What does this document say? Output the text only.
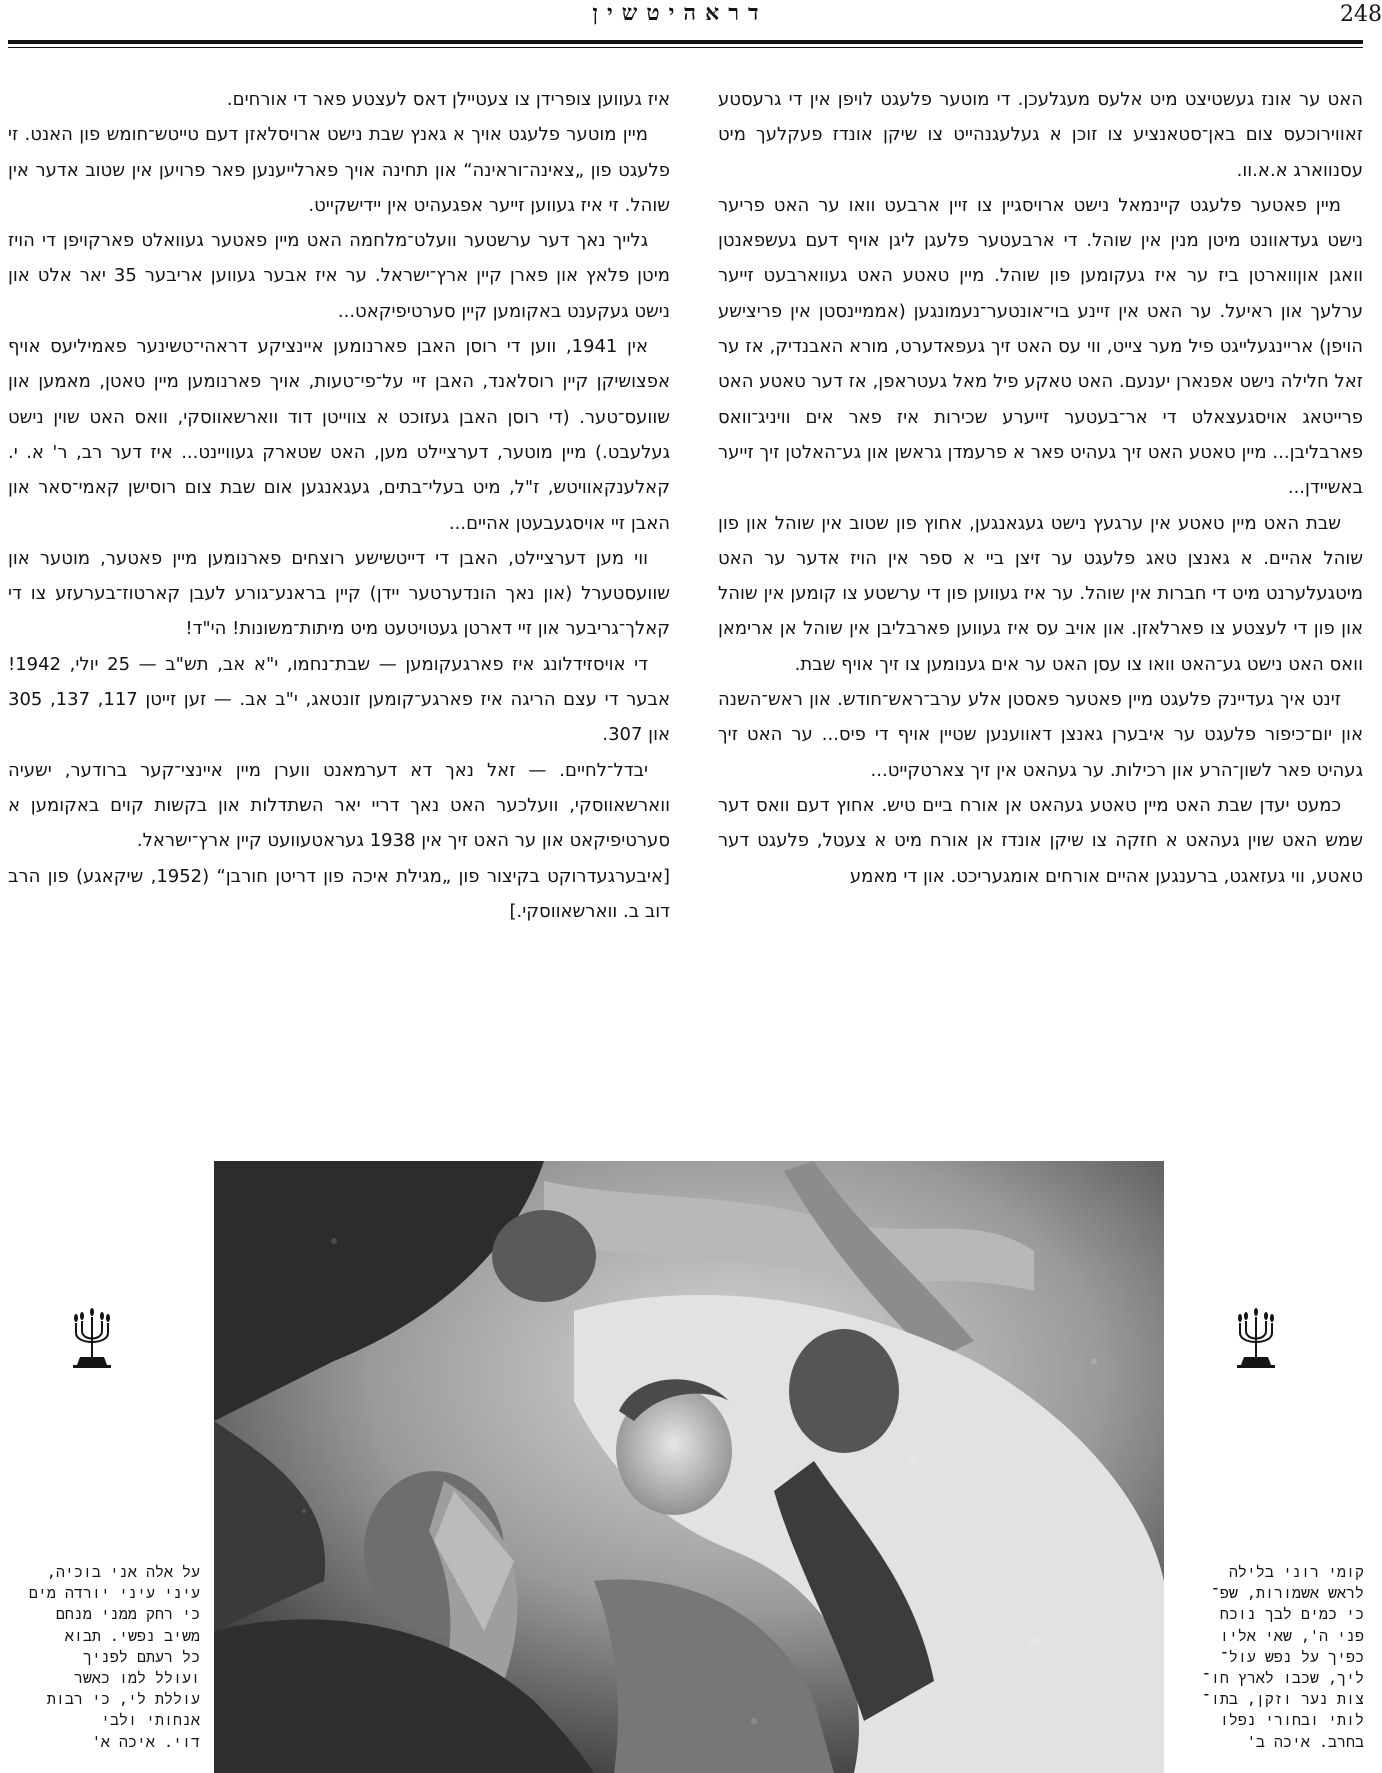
דראהיטשין	248

האט ער אונז געשטיצט מיט אלעס מעגלעכן. די מוטער פלעגט לויפן אין די גרעסטע זאווירוכעס צום באן־סטאנציע צו זוכן א געלעגנהייט צו שיקן אונדז פעקלעך מיט עסנווארג א.א.וו.

מיין פאטער פלעגט קיינמאל נישט ארויסגיין צו זיין ארבעט וואו ער האט פריער נישט געדאוונט מיטן מנין אין שוהל. די ארבעטער פלעגן ליגן אויף דעם געשפאנטן וואגן אוןווארטן ביז ער איז געקומען פון שוהל. מיין טאטע האט געווארבעט זייער ערלעך און ראיעל. ער האט אין זיינע בוי־אונטער־נעמונגען (אממיינסטן אין פריצישע הויפן) אריינגעלייגט פיל מער צייט, ווי עס האט זיך געפאדערט, מורא האבנדיק, אז ער זאל חלילה נישט אפנארן יענעם. האט טאקע פיל מאל געטראפן, אז דער טאטע האט פרייטאג אויסגעצאלט די אר־בעטער זייערע שכירות איז פאר אים וויניג־וואס פארבליבן... מיין טאטע האט זיך געהיט פאר א פרעמדן גראשן און גע־האלטן זיך זייער באשיידן...

שבת האט מיין טאטע אין ערגעץ נישט געגאנגען, אחוץ פון שטוב אין שוהל און פון שוהל אהיים. א גאנצן טאג פלעגט ער זיצן ביי א ספר אין הויז אדער ער האט מיטגעלערנט מיט די חברות אין שוהל. ער איז געווען פון די ערשטע צו קומען אין שוהל און פון די לעצטע צו פארלאזן. און אויב עס איז געווען פארבליבן אין שוהל אן ארימאן וואס האט נישט גע־האט וואו צו עסן האט ער אים גענומען צו זיך אויף שבת.

זינט איך געדיינק פלעגט מיין פאטער פאסטן אלע ערב־ראש־חודש. און ראש־השנה און יום־כיפור פלעגט ער איבערן גאנצן דאווענען שטיין אויף די פיס... ער האט זיך געהיט פאר לשון־הרע און רכילות. ער געהאט אין זיך צארטקייט...

כמעט יעדן שבת האט מיין טאטע געהאט אן אורח ביים טיש. אחוץ דעם וואס דער שמש האט שוין געהאט א חזקה צו שיקן אונדז אן אורח מיט א צעטל, פלעגט דער טאטע, ווי געזאגט, ברענגען אהיים אורחים אומגעריכט. און די מאמע

איז געווען צופרידן צו צעטיילן דאס לעצטע פאר די אורחים.

מיין מוטער פלעגט אויך א גאנץ שבת נישט ארויסלאזן דעם טייטש־חומש פון האנט. זי פלעגט פון „צאינה־וראינה“ און תחינה אויך פארלייענען פאר פרויען אין שטוב אדער אין שוהל. זי איז געווען זייער אפגעהיט אין יידישקייט.

גלייך נאך דער ערשטער וועלט־מלחמה האט מיין פאטער געוואלט פארקויפן די הויז מיטן פלאץ און פארן קיין ארץ־ישראל. ער איז אבער געווען אריבער 35 יאר אלט און נישט געקענט באקומען קיין סערטיפיקאט...

אין 1941, ווען די רוסן האבן פארנומען איינציקע דראהי־טשינער פאמיליעס אויף אפצושיקן קיין רוסלאנד, האבן זיי על־פי־טעות, אויך פארנומען מיין טאטן, מאמען און שוועס־טער. (די רוסן האבן געזוכט א צווייטן דוד ווארשאווסקי, וואס האט שוין נישט געלעבט.) מיין מוטער, דערציילט מען, האט שטארק געוויינט... איז דער רב, ר' א. י. קאלענקאוויטש, ז"ל, מיט בעלי־בתים, געגאנגען אום שבת צום רוסישן קאמי־סאר און האבן זיי אויסגעבעטן אהיים...

ווי מען דערציילט, האבן די דייטשישע רוצחים פארנומען מיין פאטער, מוטער און שוועסטערל (און נאך הונדערטער יידן) קיין בראנע־גורע לעבן קארטוז־בערעזע צו די קאלך־גריבער און זיי דארטן געטויטעט מיט מיתות־משונות! הי"ד!

די אויסזידלונג איז פארגעקומען — שבת־נחמו, י"א אב, תש"ב — 25 יולי, 1942! אבער די עצם הריגה איז פארגע־קומען זונטאג, י"ב אב. — זען זייטן 117, 137, 305 און 307.

יבדל־לחיים. — זאל נאך דא דערמאנט ווערן מיין איינצי־קער ברודער, ישעיה ווארשאווסקי, וועלכער האט נאך דריי יאר השתדלות און בקשות קוים באקומען א סערטיפיקאט און ער האט זיך אין 1938 געראטעוועט קיין ארץ־ישראל.

[איבערגעדרוקט בקיצור פון „מגילת איכה פון דריטן חורבן“ (1952, שיקאגע) פון הרב דוב ב. ווארשאווסקי.]

על אלה אני בוכיה,
עיני עיני יורדה מים
כי רחק ממני מנחם
משיב נפשי. תבוא
כל רעתם לפניך
ועולל למו כאשר
עוללת לי, כי רבות
אנחותי ולבי
דוי. איכה א'
קומי רוני בלילה
לראש אשמורות, שפ־
כי כמים לבך נוכח
פני ה', שאי אליו
כפיך על נפש עול־
ליך, שכבו לארץ חו־
צות נער וזקן, בתו־
לותי ובחורי נפלו
בחרב. איכה ב'
